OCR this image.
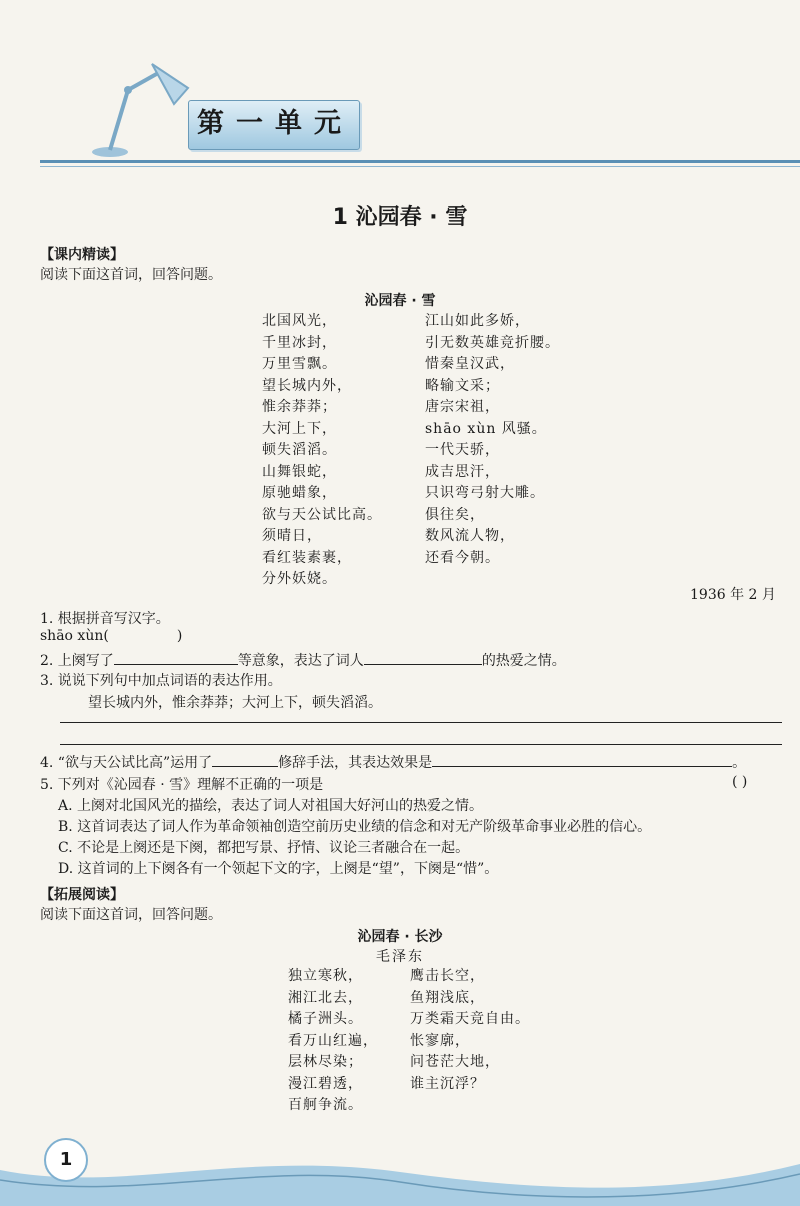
第一单元
1 沁园春 · 雪
【课内精读】
阅读下面这首词，回答问题。
沁园春 · 雪
北国风光，
千里冰封，
万里雪飘。
望长城内外，
惟余莽莽；
大河上下，
顿失滔滔。
山舞银蛇，
原驰蜡象，
欲与天公试比高。
须晴日，
看红装素裹，
分外妖娆。
江山如此多娇，
引无数英雄竞折腰。
惜秦皇汉武，
略输文采；
唐宗宋祖，
shāo xùn 风骚。
一代天骄，
成吉思汗，
只识弯弓射大雕。
俱往矣，
数风流人物，
还看今朝。
1936 年 2 月
1. 根据拼音写汉字。
shāo xùn(	)
2. 上阕写了	等意象，表达了词人	的热爱之情。
3. 说说下列句中加点词语的表达作用。
望长城内外，惟余莽莽；大河上下，顿失滔滔。
4. “欲与天公试比高”运用了	修辞手法，其表达效果是	。
5. 下列对《沁园春 · 雪》理解不正确的一项是	( )
A. 上阕对北国风光的描绘，表达了词人对祖国大好河山的热爱之情。
B. 这首词表达了词人作为革命领袖创造空前历史业绩的信念和对无产阶级革命事业必胜的信心。
C. 不论是上阕还是下阕，都把写景、抒情、议论三者融合在一起。
D. 这首词的上下阕各有一个领起下文的字，上阕是“望”，下阕是“惜”。
【拓展阅读】
阅读下面这首词，回答问题。
沁园春 · 长沙
毛泽东
独立寒秋，
湘江北去，
橘子洲头。
看万山红遍，
层林尽染；
漫江碧透，
百舸争流。
鹰击长空，
鱼翔浅底，
万类霜天竞自由。
怅寥廓，
问苍茫大地，
谁主沉浮？
1
